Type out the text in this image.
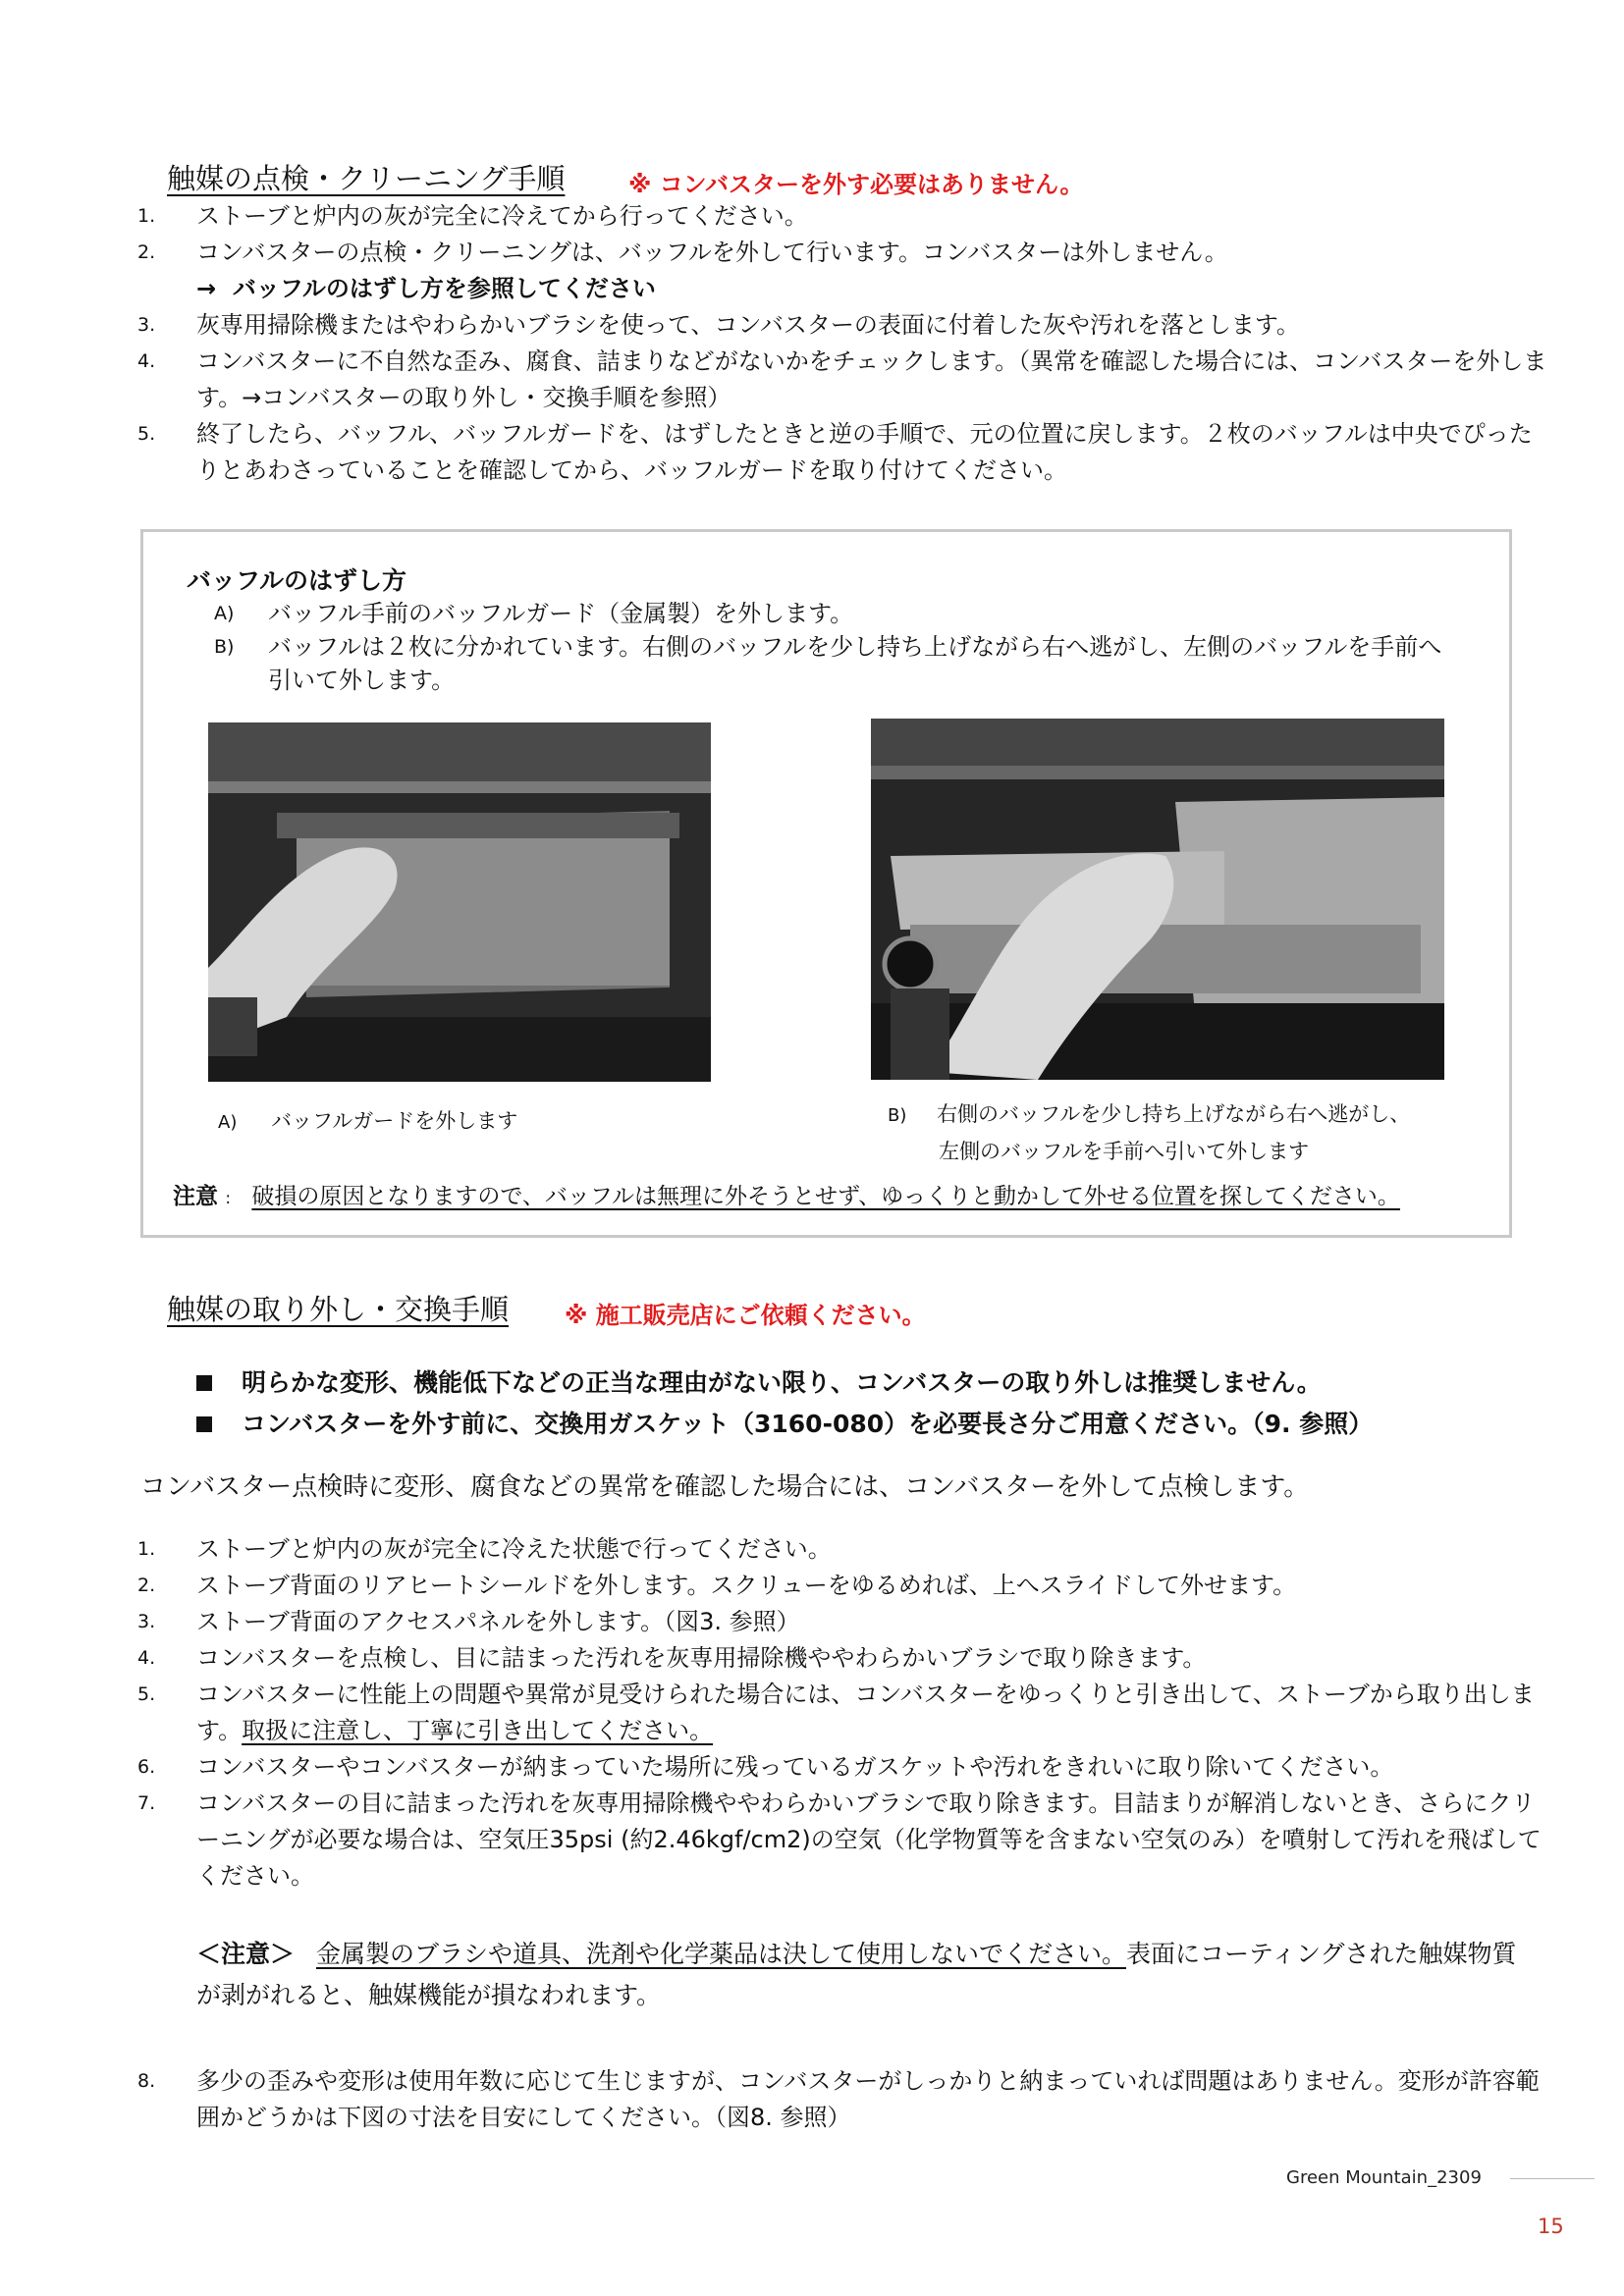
触媒の点検・クリーニング手順	※ コンバスターを外す必要はありません。
1.	ストーブと炉内の灰が完全に冷えてから行ってください。
2.	コンバスターの点検・クリーニングは、バッフルを外して行います。コンバスターは外しません。
→ バッフルのはずし方を参照してください
3.	灰専用掃除機またはやわらかいブラシを使って、コンバスターの表面に付着した灰や汚れを落とします。
4.	コンバスターに不自然な歪み、腐食、詰まりなどがないかをチェックします。（異常を確認した場合には、コンバスターを外します。→コンバスターの取り外し・交換手順を参照）
5.	終了したら、バッフル、バッフルガードを、はずしたときと逆の手順で、元の位置に戻します。２枚のバッフルは中央でぴったりとあわさっていることを確認してから、バッフルガードを取り付けてください。
バッフルのはずし方
A)	バッフル手前のバッフルガード（金属製）を外します。
B)	バッフルは２枚に分かれています。右側のバッフルを少し持ち上げながら右へ逃がし、左側のバッフルを手前へ引いて外します。
A) バッフルガードを外します	B) 右側のバッフルを少し持ち上げながら右へ逃がし、
左側のバッフルを手前へ引いて外します
注意 : 破損の原因となりますので、バッフルは無理に外そうとせず、ゆっくりと動かして外せる位置を探してください。
触媒の取り外し・交換手順 ※ 施工販売店にご依頼ください。
明らかな変形、機能低下などの正当な理由がない限り、コンバスターの取り外しは推奨しません。
コンバスターを外す前に、交換用ガスケット（3160-080）を必要長さ分ご用意ください。（9. 参照）
コンバスター点検時に変形、腐食などの異常を確認した場合には、コンバスターを外して点検します。
1.	ストーブと炉内の灰が完全に冷えた状態で行ってください。
2.	ストーブ背面のリアヒートシールドを外します。スクリューをゆるめれば、上へスライドして外せます。
3.	ストーブ背面のアクセスパネルを外します。（図3. 参照）
4.	コンバスターを点検し、目に詰まった汚れを灰専用掃除機ややわらかいブラシで取り除きます。
5.	コンバスターに性能上の問題や異常が見受けられた場合には、コンバスターをゆっくりと引き出して、ストーブから取り出します。取扱に注意し、丁寧に引き出してください。
6.	コンバスターやコンバスターが納まっていた場所に残っているガスケットや汚れをきれいに取り除いてください。
7.	コンバスターの目に詰まった汚れを灰専用掃除機ややわらかいブラシで取り除きます。目詰まりが解消しないとき、さらにクリーニングが必要な場合は、空気圧35psi (約2.46kgf/cm2)の空気（化学物質等を含まない空気のみ）を噴射して汚れを飛ばしてください。
＜注意＞ 金属製のブラシや道具、洗剤や化学薬品は決して使用しないでください。表面にコーティングされた触媒物質が剥がれると、触媒機能が損なわれます。
8.	多少の歪みや変形は使用年数に応じて生じますが、コンバスターがしっかりと納まっていれば問題はありません。変形が許容範囲かどうかは下図の寸法を目安にしてください。（図8. 参照）
Green Mountain_2309
15
